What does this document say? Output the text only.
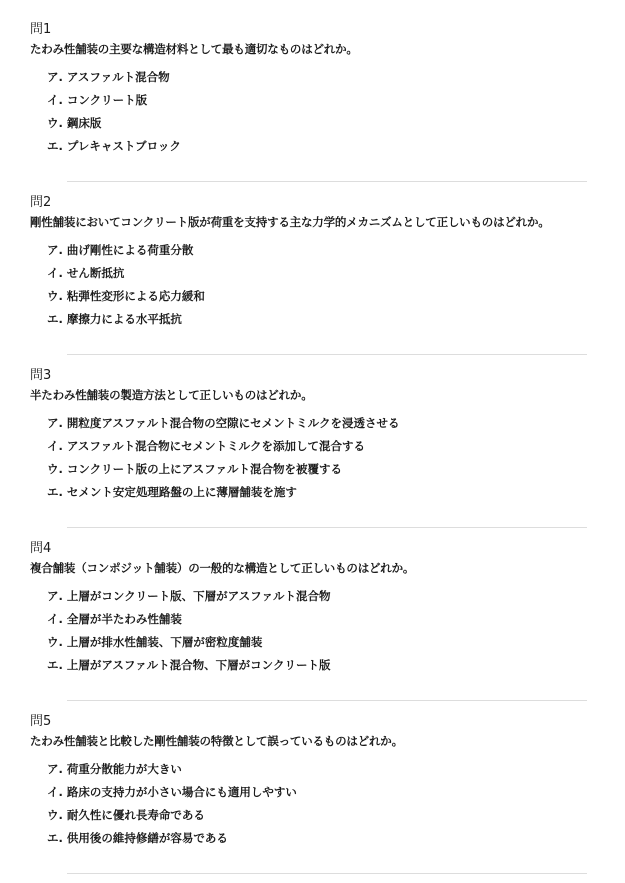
問1
たわみ性舗装の主要な構造材料として最も適切なものはどれか。
ア. アスファルト混合物
イ. コンクリート版
ウ. 鋼床版
エ. プレキャストブロック
問2
剛性舗装においてコンクリート版が荷重を支持する主な力学的メカニズムとして正しいものはどれか。
ア. 曲げ剛性による荷重分散
イ. せん断抵抗
ウ. 粘弾性変形による応力緩和
エ. 摩擦力による水平抵抗
問3
半たわみ性舗装の製造方法として正しいものはどれか。
ア. 開粒度アスファルト混合物の空隙にセメントミルクを浸透させる
イ. アスファルト混合物にセメントミルクを添加して混合する
ウ. コンクリート版の上にアスファルト混合物を被覆する
エ. セメント安定処理路盤の上に薄層舗装を施す
問4
複合舗装（コンポジット舗装）の一般的な構造として正しいものはどれか。
ア. 上層がコンクリート版、下層がアスファルト混合物
イ. 全層が半たわみ性舗装
ウ. 上層が排水性舗装、下層が密粒度舗装
エ. 上層がアスファルト混合物、下層がコンクリート版
問5
たわみ性舗装と比較した剛性舗装の特徴として誤っているものはどれか。
ア. 荷重分散能力が大きい
イ. 路床の支持力が小さい場合にも適用しやすい
ウ. 耐久性に優れ長寿命である
エ. 供用後の維持修繕が容易である
